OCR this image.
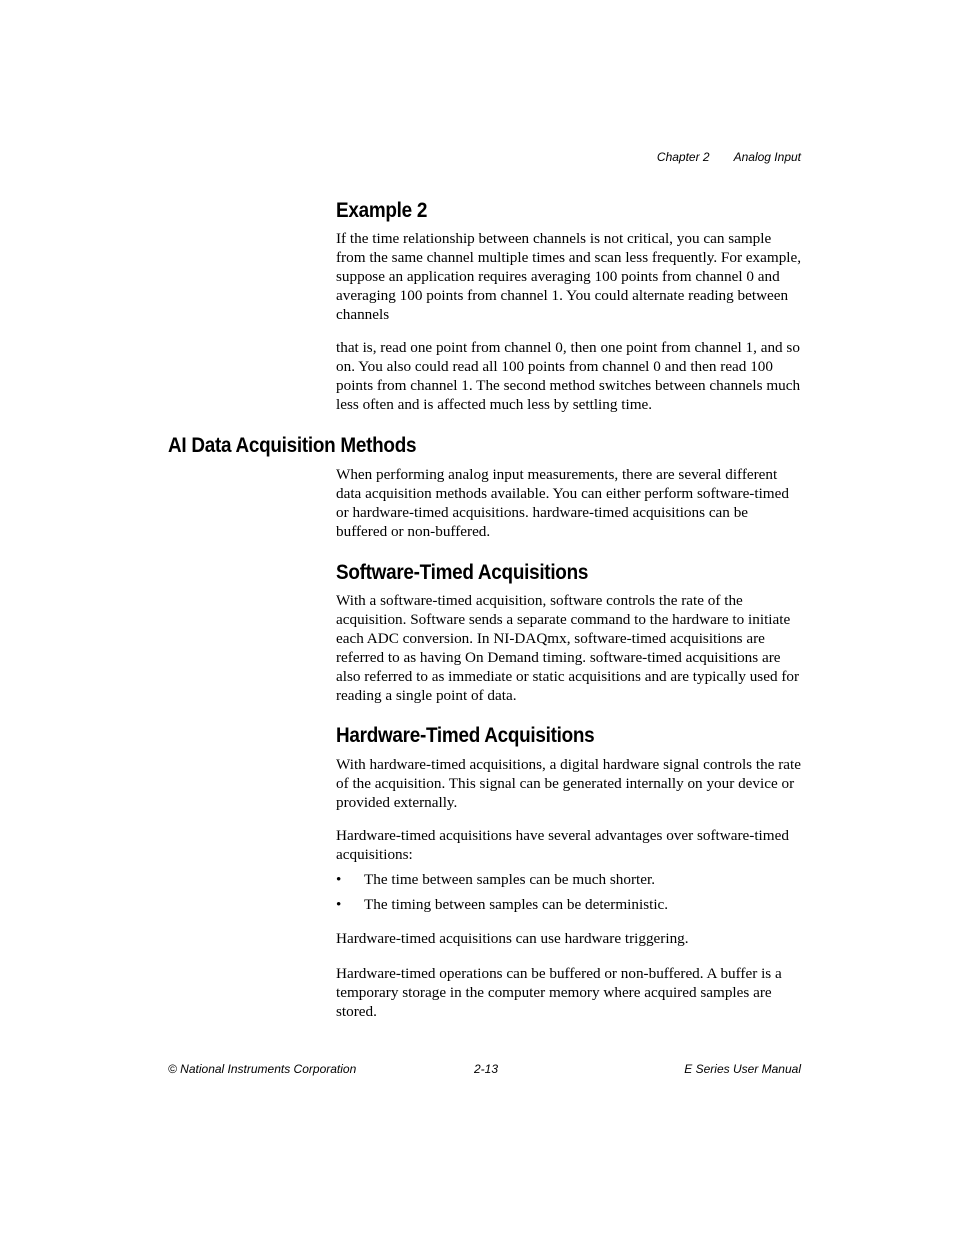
Chapter 2 Analog Input
Example 2

If the time relationship between channels is not critical, you can sample from the same channel multiple times and scan less frequently. For example, suppose an application requires averaging 100 points from channel 0 and averaging 100 points from channel 1. You could alternate reading between channels

that is, read one point from channel 0, then one point from channel 1, and so on. You also could read all 100 points from channel 0 and then read 100 points from channel 1. The second method switches between channels much less often and is affected much less by settling time.

AI Data Acquisition Methods

When performing analog input measurements, there are several different data acquisition methods available. You can either perform software-timed or hardware-timed acquisitions. hardware-timed acquisitions can be buffered or non-buffered.

Software-Timed Acquisitions

With a software-timed acquisition, software controls the rate of the acquisition. Software sends a separate command to the hardware to initiate each ADC conversion. In NI-DAQmx, software-timed acquisitions are referred to as having On Demand timing. software-timed acquisitions are also referred to as immediate or static acquisitions and are typically used for reading a single point of data.

Hardware-Timed Acquisitions

With hardware-timed acquisitions, a digital hardware signal controls the rate of the acquisition. This signal can be generated internally on your device or provided externally.

Hardware-timed acquisitions have several advantages over software-timed acquisitions:

• The time between samples can be much shorter.
• The timing between samples can be deterministic.

Hardware-timed acquisitions can use hardware triggering.

Hardware-timed operations can be buffered or non-buffered. A buffer is a temporary storage in the computer memory where acquired samples are stored.

© National Instruments Corporation	2-13	E Series User Manual
